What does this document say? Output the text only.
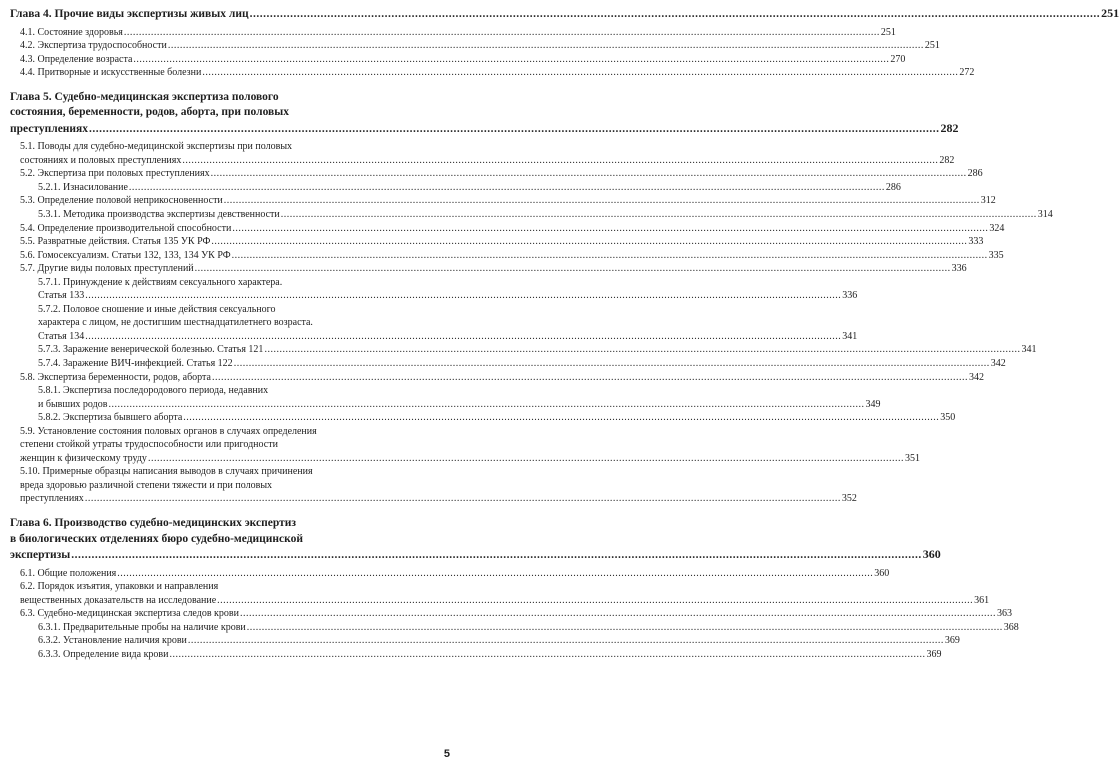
Глава 4. Прочие виды экспертизы живых лиц .....	251
4.1. Состояние здоровья .....	251
4.2. Экспертиза трудоспособности .....	251
4.3. Определение возраста .....	270
4.4. Притворные и искусственные болезни .....	272
Глава 5. Судебно-медицинская экспертиза полового
состояния, беременности, родов, аборта, при половых
преступлениях .....	282
5.1. Поводы для судебно-медицинской экспертизы при половых
состояниях и половых преступлениях .....	282
5.2. Экспертиза при половых преступлениях .....	286
5.2.1. Изнасилование .....	286
5.3. Определение половой неприкосновенности .....	312
5.3.1. Методика производства экспертизы девственности .....	314
5.4. Определение производительной способности .....	324
5.5. Развратные действия. Статья 135 УК РФ .....	333
5.6. Гомосексуализм. Статьи 132, 133, 134 УК РФ .....	335
5.7. Другие виды половых преступлений .....	336
5.7.1. Принуждение к действиям сексуального характера.
Статья 133 .....	336
5.7.2. Половое сношение и иные действия сексуального
характера с лицом, не достигшим шестнадцатилетнего возраста.
Статья 134 .....	341
5.7.3. Заражение венерической болезнью. Статья 121 .....	341
5.7.4. Заражение ВИЧ-инфекцией. Статья 122 .....	342
5.8. Экспертиза беременности, родов, аборта .....	342
5.8.1. Экспертиза последородового периода, недавних
и бывших родов .....	349
5.8.2. Экспертиза бывшего аборта .....	350
5.9. Установление состояния половых органов в случаях определения
степени стойкой утраты трудоспособности или пригодности
женщин к физическому труду .....	351
5.10. Примерные образцы написания выводов в случаях причинения
вреда здоровью различной степени тяжести и при половых
преступлениях .....	352
Глава 6. Производство судебно-медицинских экспертиз
в биологических отделениях бюро судебно-медицинской
экспертизы .....	360
6.1. Общие положения .....	360
6.2. Порядок изъятия, упаковки и направления
вещественных доказательств на исследование .....	361
6.3. Судебно-медицинская экспертиза следов крови .....	363
6.3.1. Предварительные пробы на наличие крови .....	368
6.3.2. Установление наличия крови .....	369
6.3.3. Определение вида крови .....	369
5
